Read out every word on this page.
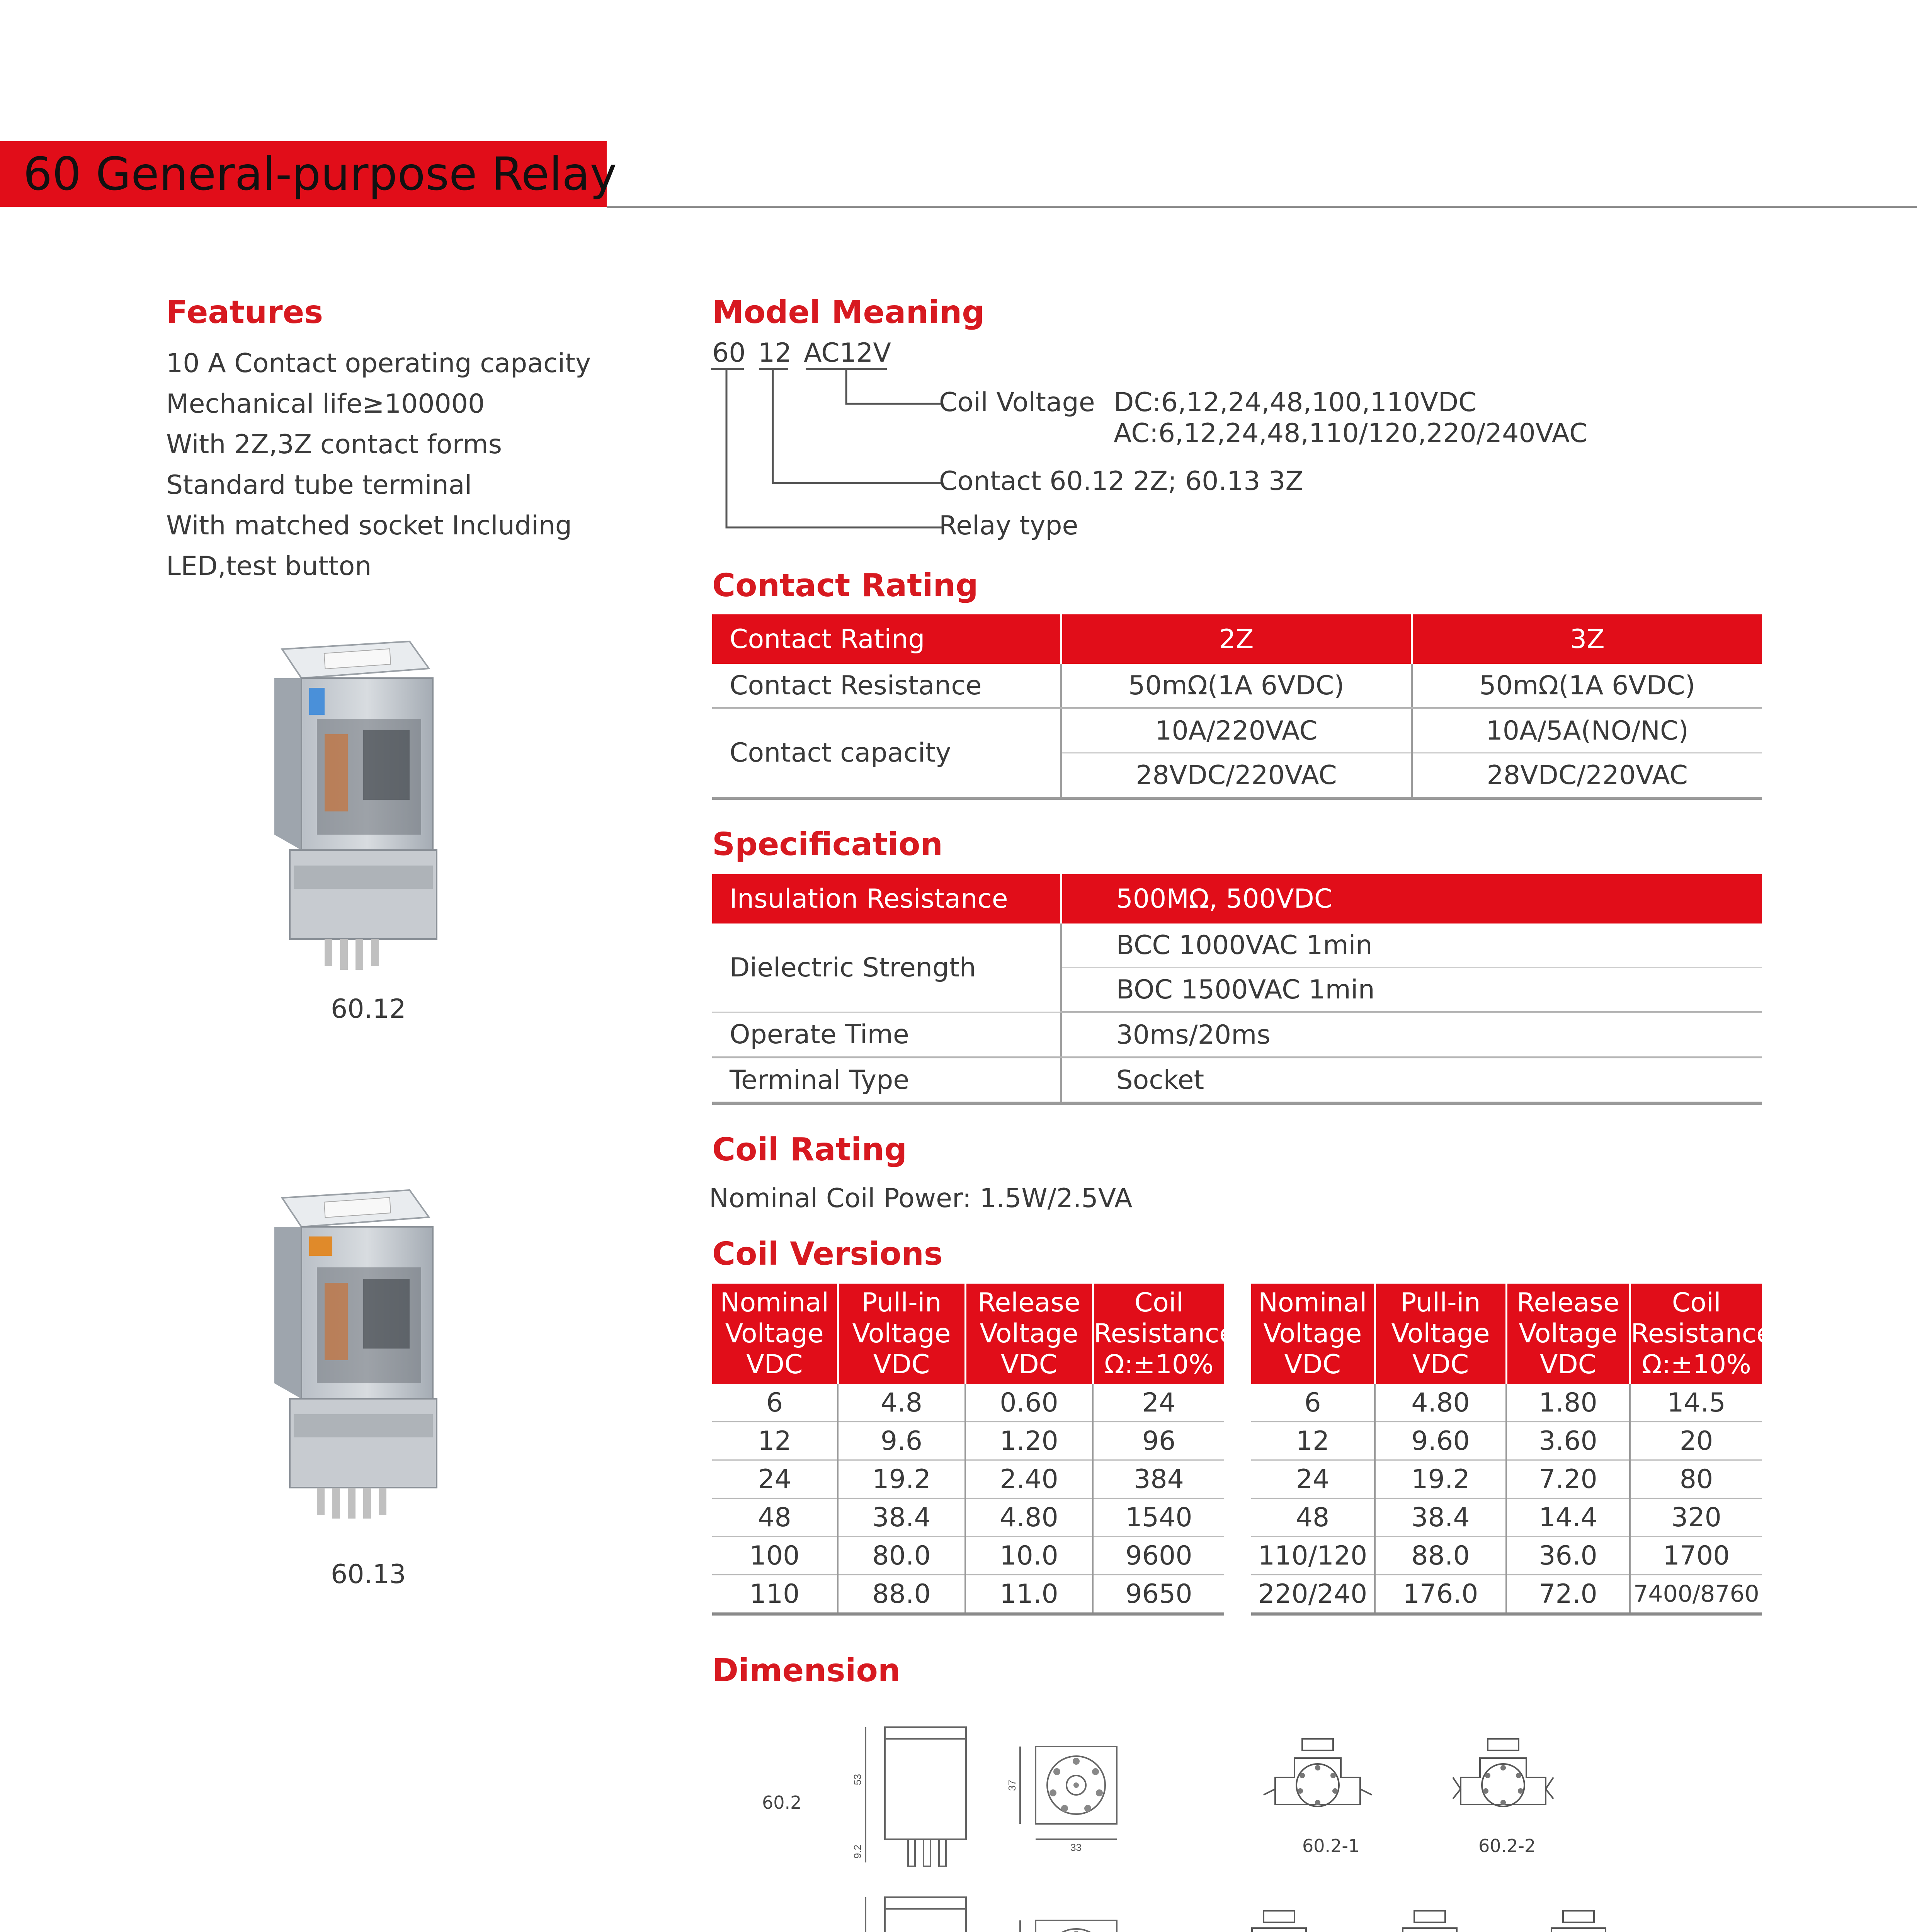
60 General-purpose Relay
Features
10 A Contact operating capacity
Mechanical life≥100000
With 2Z,3Z contact forms
Standard tube terminal
With matched socket Including
LED,test button
60.12
60.13
Model Meaning
60 12 AC12V
Coil Voltage DC:6,12,24,48,100,110VDC
AC:6,12,24,48,110/120,220/240VAC
Contact 60.12 2Z; 60.13 3Z
Relay type
Contact Rating
Contact Rating	2Z	3Z
Contact Resistance	50mΩ(1A 6VDC)	50mΩ(1A 6VDC)
Contact capacity	10A/220VAC	10A/5A(NO/NC)
	28VDC/220VAC	28VDC/220VAC
Specification
Insulation Resistance	500MΩ, 500VDC
Dielectric Strength	BCC 1000VAC 1min
	BOC 1500VAC 1min
Operate Time	30ms/20ms
Terminal Type	Socket
Coil Rating
Nominal Coil Power: 1.5W/2.5VA
Coil Versions
Nominal
Voltage
VDC	Pull-in
Voltage
VDC	Release
Voltage
VDC	Coil
Resistance
Ω:±10%
6	4.8	0.60	24
12	9.6	1.20	96
24	19.2	2.40	384
48	38.4	4.80	1540
100	80.0	10.0	9600
110	88.0	11.0	9650
Nominal
Voltage
VDC	Pull-in
Voltage
VDC	Release
Voltage
VDC	Coil
Resistance
Ω:±10%
6	4.80	1.80	14.5
12	9.60	3.60	20
24	19.2	7.20	80
48	38.4	14.4	320
110/120	88.0	36.0	1700
220/240	176.0	72.0	7400/8760
Dimension
60.2
53
9.2
37
33	60.2-1	60.2-2
